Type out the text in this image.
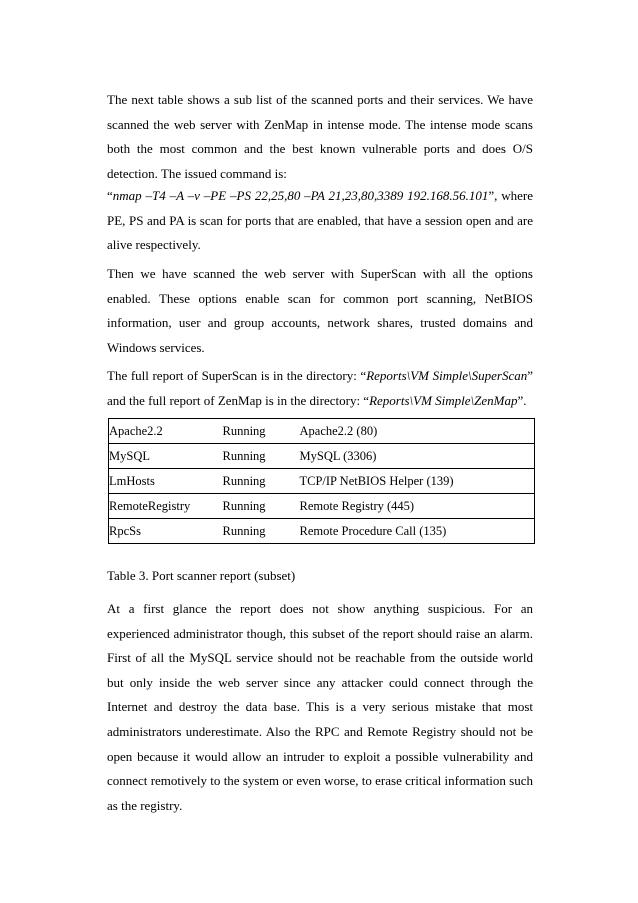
The next table shows a sub list of the scanned ports and their services. We have scanned the web server with ZenMap in intense mode. The intense mode scans both the most common and the best known vulnerable ports and does O/S detection. The issued command is:

“nmap –T4 –A –v –PE –PS 22,25,80 –PA 21,23,80,3389 192.168.56.101”, where PE, PS and PA is scan for ports that are enabled, that have a session open and are alive respectively.

Then we have scanned the web server with SuperScan with all the options enabled. These options enable scan for common port scanning, NetBIOS information, user and group accounts, network shares, trusted domains and Windows services.

The full report of SuperScan is in the directory: “Reports\VM Simple\SuperScan” and the full report of ZenMap is in the directory: “Reports\VM Simple\ZenMap”.

Apache2.2	Running	Apache2.2 (80)
MySQL	Running	MySQL (3306)
LmHosts	Running	TCP/IP NetBIOS Helper (139)
RemoteRegistry	Running	Remote Registry (445)
RpcSs	Running	Remote Procedure Call (135)
Table 3. Port scanner report (subset)

At a first glance the report does not show anything suspicious. For an experienced administrator though, this subset of the report should raise an alarm. First of all the MySQL service should not be reachable from the outside world but only inside the web server since any attacker could connect through the Internet and destroy the data base. This is a very serious mistake that most administrators underestimate. Also the RPC and Remote Registry should not be open because it would allow an intruder to exploit a possible vulnerability and connect remotively to the system or even worse, to erase critical information such as the registry.
